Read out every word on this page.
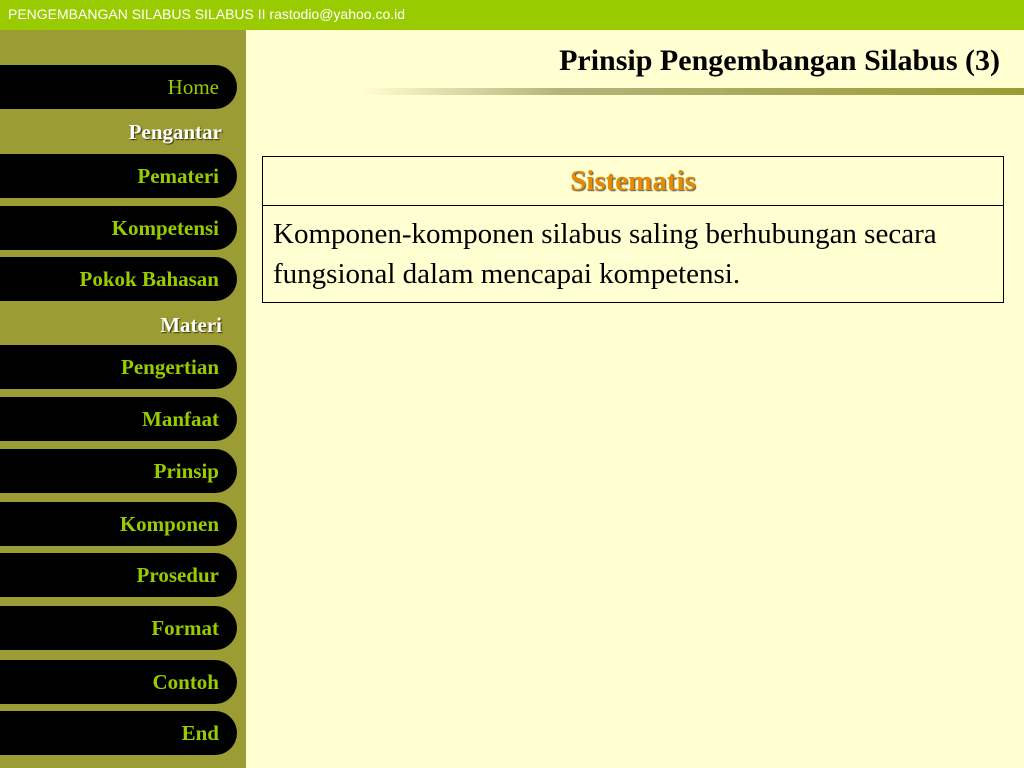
PENGEMBANGAN SILABUS SILABUS II rastodio@yahoo.co.id
Home
Pengantar
Pemateri
Kompetensi
Pokok Bahasan
Materi
Pengertian
Manfaat
Prinsip
Komponen
Prosedur
Format
Contoh
End
Prinsip Pengembangan Silabus (3)
Sistematis
Komponen-komponen silabus saling berhubungan secara fungsional dalam mencapai kompetensi.
